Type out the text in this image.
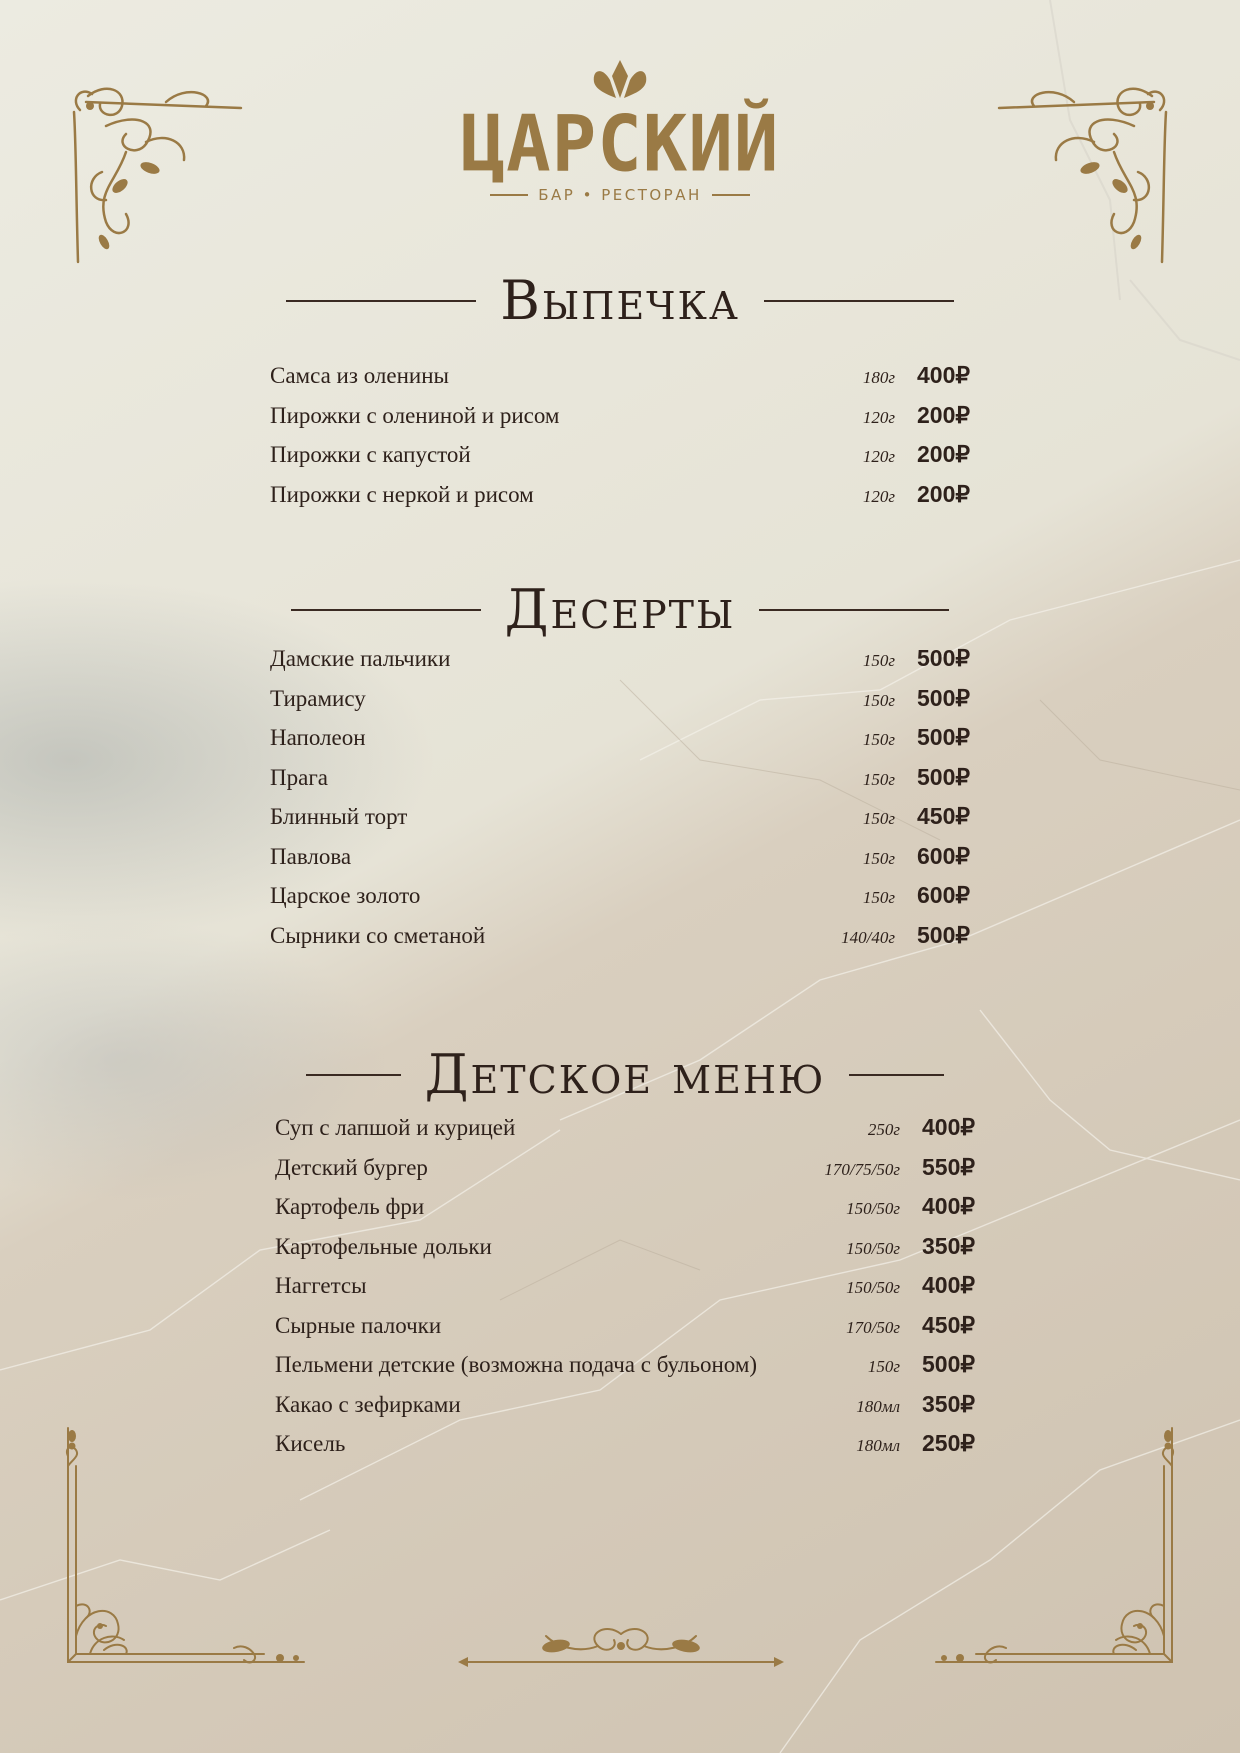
ЦАРСКИЙ
БАР • РЕСТОРАН
Выпечка
Самса из оленины	180г 400₽
Пирожки с олениной и рисом	120г 200₽
Пирожки с капустой	120г 200₽
Пирожки с неркой и рисом	120г 200₽
Десерты
Дамские пальчики	150г 500₽
Тирамису	150г 500₽
Наполеон	150г 500₽
Прага	150г 500₽
Блинный торт	150г 450₽
Павлова	150г 600₽
Царское золото	150г 600₽
Сырники со сметаной	140/40г 500₽
Детское меню
Суп с лапшой и курицей	250г 400₽
Детский бургер	170/75/50г 550₽
Картофель фри	150/50г 400₽
Картофельные дольки	150/50г 350₽
Наггетсы	150/50г 400₽
Сырные палочки	170/50г 450₽
Пельмени детские (возможна подача с бульоном)	150г 500₽
Какао с зефирками	180мл 350₽
Кисель	180мл 250₽
